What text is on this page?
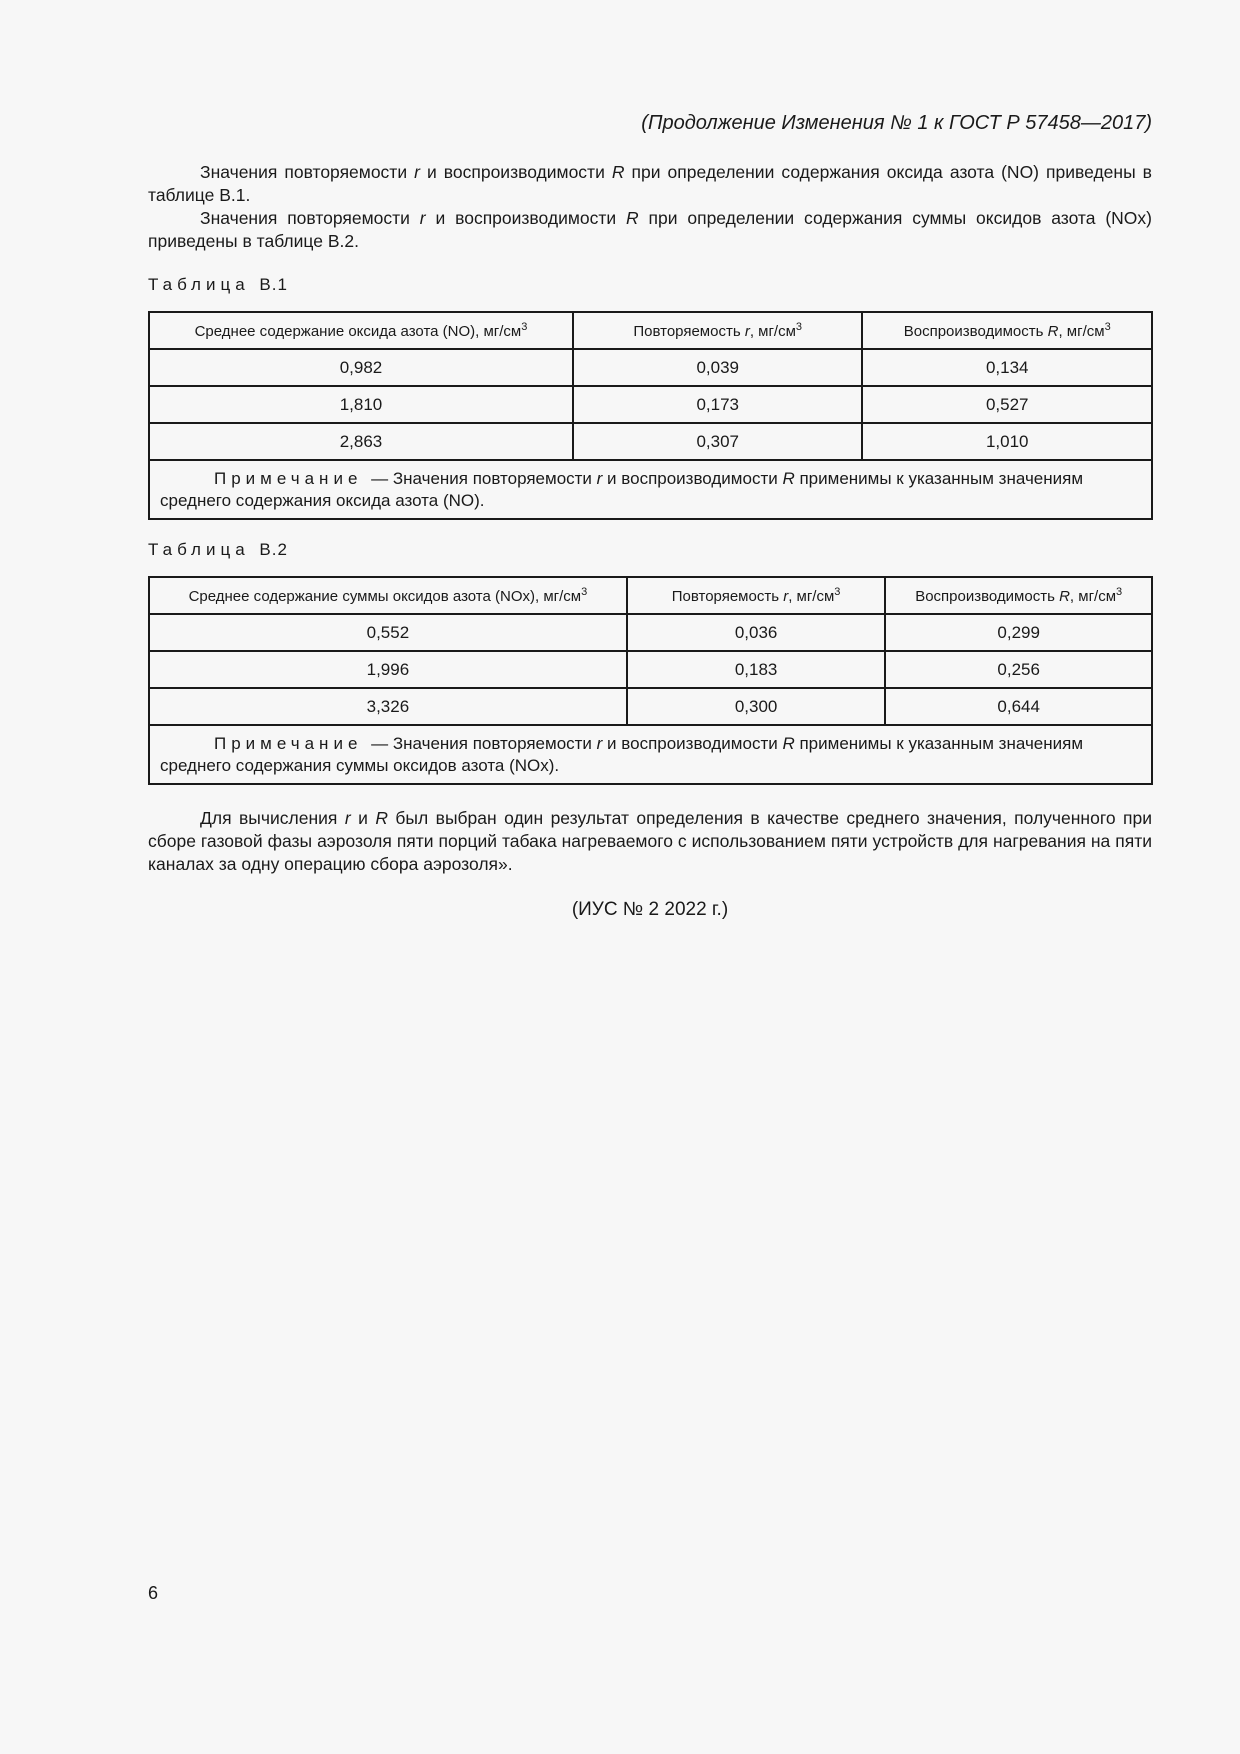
(Продолжение Изменения № 1 к ГОСТ Р 57458—2017)

Значения повторяемости r и воспроизводимости R при определении содержания оксида азота (NO) приведены в таблице В.1.

Значения повторяемости r и воспроизводимости R при определении содержания суммы оксидов азота (NOx) приведены в таблице В.2.

Таблица В.1
Среднее содержание оксида азота (NO), $мг/см^3$	Повторяемость r, $мг/см^3$	Воспроизводимость R, $мг/см^3$
0,982	0,039	0,134
1,810	0,173	0,527
2,863	0,307	1,010
Примечание — Значения повторяемости r и воспроизводимости R применимы к указанным значениям среднего содержания оксида азота (NO).		
Таблица В.2
Среднее содержание суммы оксидов азота (NOx), $мг/см^3$	Повторяемость r, $мг/см^3$	Воспроизводимость R, $мг/см^3$
0,552	0,036	0,299
1,996	0,183	0,256
3,326	0,300	0,644
Примечание — Значения повторяемости r и воспроизводимости R применимы к указанным значениям среднего содержания суммы оксидов азота (NOx).		

Для вычисления r и R был выбран один результат определения в качестве среднего значения, полученного при сборе газовой фазы аэрозоля пяти порций табака нагреваемого с использованием пяти устройств для нагревания на пяти каналах за одну операцию сбора аэрозоля».

(ИУС № 2 2022 г.)
6
